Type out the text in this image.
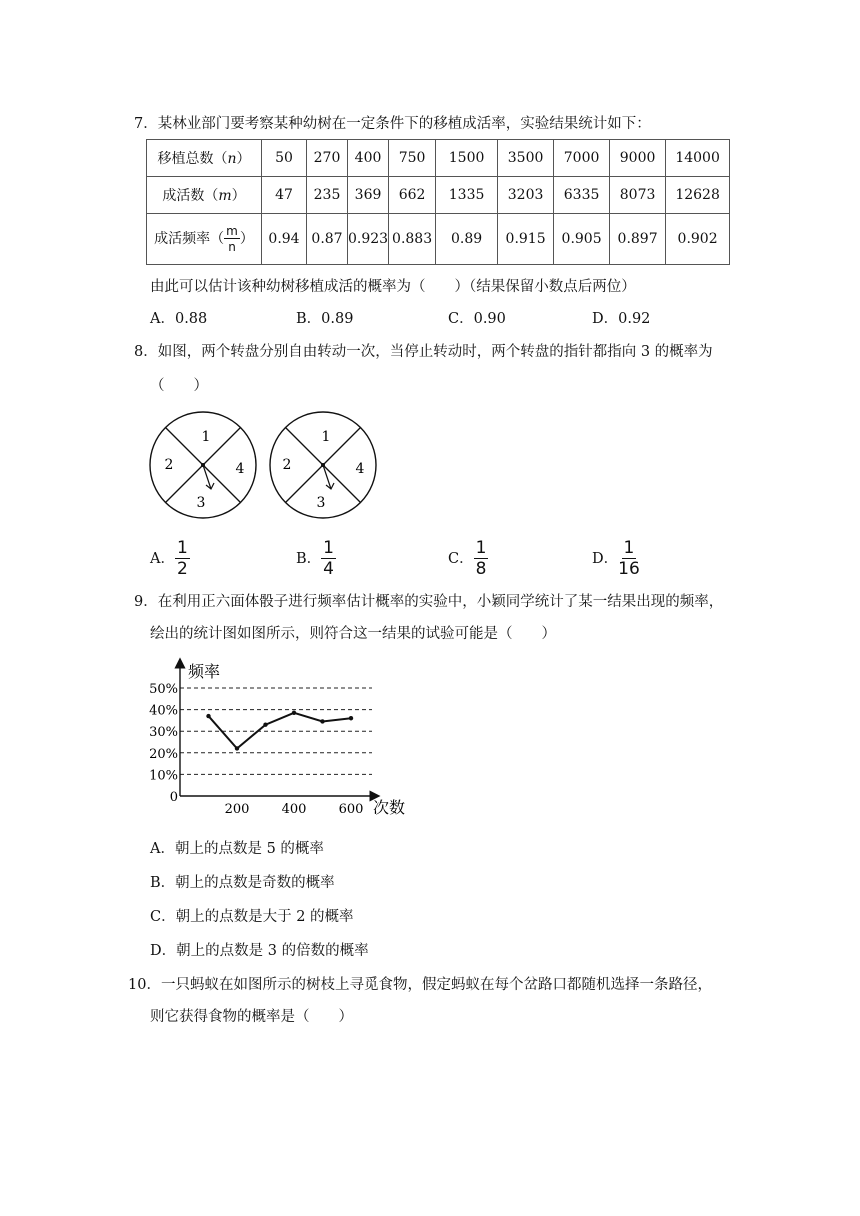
7．某林业部门要考察某种幼树在一定条件下的移植成活率，实验结果统计如下：
移植总数（n）	50	270	400	750	1500	3500	7000	9000	14000
成活数（m）	47	235	369	662	1335	3203	6335	8073	12628
成活频率（ $\frac{m}{n}$ ）	0.94	0.87	0.923	0.883	0.89	0.915	0.905	0.897	0.902
由此可以估计该种幼树移植成活的概率为（　　）（结果保留小数点后两位）
A．0.88	B．0.89	C．0.90	D．0.92
8．如图，两个转盘分别自由转动一次，当停止转动时，两个转盘的指针都指向 3 的概率为
（　　）
1
2
3
4
1
2
3
4
A． $\frac{1}{2}$	B． $\frac{1}{4}$	C． $\frac{1}{8}$	D． $\frac{1}{16}$
9．在利用正六面体骰子进行频率估计概率的实验中，小颖同学统计了某一结果出现的频率，
绘出的统计图如图所示，则符合这一结果的试验可能是（　　）
频率
次数
0
10%
20%
30%
40%
50%
200 400 600
A．朝上的点数是 5 的概率
B．朝上的点数是奇数的概率
C．朝上的点数是大于 2 的概率
D．朝上的点数是 3 的倍数的概率
10．一只蚂蚁在如图所示的树枝上寻觅食物，假定蚂蚁在每个岔路口都随机选择一条路径，
则它获得食物的概率是（　　）
